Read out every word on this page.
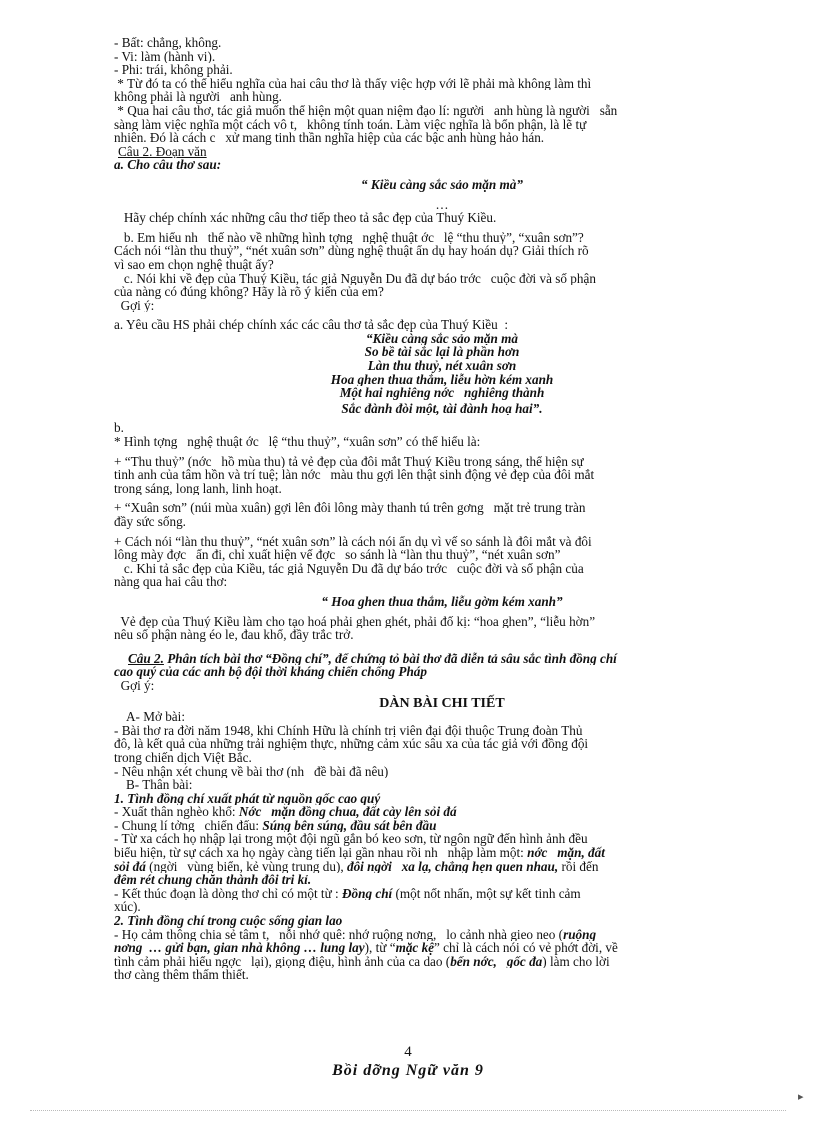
- Bất: chẳng, không.
- Vi: làm (hành vi).
- Phi: trái, không phải.
* Từ đó ta có thể hiểu nghĩa của hai câu thơ là thấy việc hợp với lẽ phải mà không làm thì
không phải là người   anh hùng.
* Qua hai câu thơ, tác giả muốn thể hiện một quan niệm đạo lí: người   anh hùng là người   sẵn
sàng làm việc nghĩa một cách vô t,   không tính toán. Làm việc nghĩa là bổn phận, là lẽ tự
nhiên. Đó là cách c   xử mang tinh thần nghĩa hiệp của các bậc anh hùng hảo hán.
Câu 2. Đoạn văn
a. Cho câu thơ sau:
“ Kiều càng sắc sảo mặn mà”
…
Hãy chép chính xác những câu thơ tiếp theo tả sắc đẹp của Thuý Kiều.
b. Em hiểu nh   thế nào về những hình tợng   nghệ thuật ớc   lệ “thu thuỷ”, “xuân sơn”?
Cách nói “làn thu thuỷ”, “nét xuân sơn” dùng nghệ thuật ẩn dụ hay hoán dụ? Giải thích rõ
vì sao em chọn nghệ thuật ấy?
c. Nói khi về đẹp của Thuý Kiều, tác giả Nguyễn Du đã dự báo trớc   cuộc đời và số phận
của nàng có đúng không? Hãy là rõ ý kiến của em?
Gợi ý:
a. Yêu cầu HS phải chép chính xác các câu thơ tả sắc đẹp của Thuý Kiều  :
“Kiều càng sắc sảo mặn mà
So bề tài sắc lại là phần hơn
Làn thu thuỷ, nét xuân sơn
Hoa ghen thua thắm, liễu hờn kém xanh
Một hai nghiêng nớc   nghiêng thành
Sắc đành đòi một, tài đành hoạ hai”.
b.
* Hình tợng   nghệ thuật ớc   lệ “thu thuỷ”, “xuân sơn” có thể hiểu là:
+ “Thu thuỷ” (nớc   hồ mùa thu) tả vẻ đẹp của đôi mắt Thuý Kiều trong sáng, thể hiện sự
tinh anh của tâm hồn và trí tuệ; làn nớc   màu thu gợi lên thật sinh động vẻ đẹp của đôi mắt
trong sáng, long lanh, linh hoạt.
+ “Xuân sơn” (núi mùa xuân) gợi lên đôi lông mày thanh tú trên gơng   mặt trẻ trung tràn
đầy sức sống.
+ Cách nói “làn thu thuỷ”, “nét xuân sơn” là cách nói ẩn dụ vì vế so sánh là đôi mắt và đôi
lông mày đợc   ẩn đi, chỉ xuất hiện vế đợc   so sánh là “làn thu thuỷ”, “nét xuân sơn”
c. Khi tả sắc đẹp của Kiều, tác giả Nguyễn Du đã dự báo trớc   cuộc đời và số phận của
nàng qua hai câu thơ:
“ Hoa ghen thua thắm, liễu gờm kém xanh”
Vẻ đẹp của Thuý Kiều làm cho tạo hoá phải ghen ghét, phải đố kị: “hoa ghen”, “liễu hờn”
nêu số phận nàng éo le, đau khổ, đầy trắc trở.
Câu 2. Phân tích bài thơ “Đồng chí”, để chứng tỏ bài thơ đã diễn tả sâu sắc tình đồng chí
cao quý của các anh bộ đội thời kháng chiến chống Pháp
Gợi ý:
DÀN BÀI CHI TIẾT
A- Mở bài:
- Bài thơ ra đời năm 1948, khi Chính Hữu là chính trị viên đại đội thuộc Trung đoàn Thủ
đô, là kết quả của những trải nghiệm thực, những cảm xúc sâu xa của tác giả với đồng đội
trong chiến dịch Việt Bắc.
- Nêu nhận xét chung về bài thơ (nh   đề bài đã nêu)
B- Thân bài:
1. Tình đồng chí xuất phát từ nguồn gốc cao quý
- Xuất thân nghèo khổ: Nớc   mặn đồng chua, đất cày lên sỏi đá
- Chung lí tởng   chiến đấu: Súng bên súng, đầu sát bên đầu
- Từ xa cách họ nhập lại trong một đội ngũ gắn bó keo sơn, từ ngôn ngữ đến hình ảnh đều
biểu hiện, từ sự cách xa họ ngày càng tiến lại gần nhau rồi nh   nhập làm một: nớc   mặn, đất
sỏi đá (ngời   vùng biển, kẻ vùng trung du), đôi ngời   xa lạ, chẳng hẹn quen nhau, rồi đến
đêm rét chung chăn thành đôi tri kỉ.
- Kết thúc đoạn là dòng thơ chỉ có một từ : Đồng chí (một nốt nhấn, một sự kết tinh cảm
xúc).
2. Tình đồng chí trong cuộc sống gian lao
- Họ cảm thông chia sẻ tâm t,   nỗi nhớ quê: nhớ ruộng nơng,   lo cảnh nhà gieo neo (ruộng
nơng  … gửi bạn, gian nhà không … lung lay), từ “mặc kệ” chỉ là cách nói có vẻ phớt đời, về
tình cảm phải hiểu ngợc   lại), giọng điệu, hình ảnh của ca dao (bến nớc,   gốc đa) làm cho lời
thơ càng thêm thấm thiết.
4
Bồi dỡng Ngữ văn 9
▸
